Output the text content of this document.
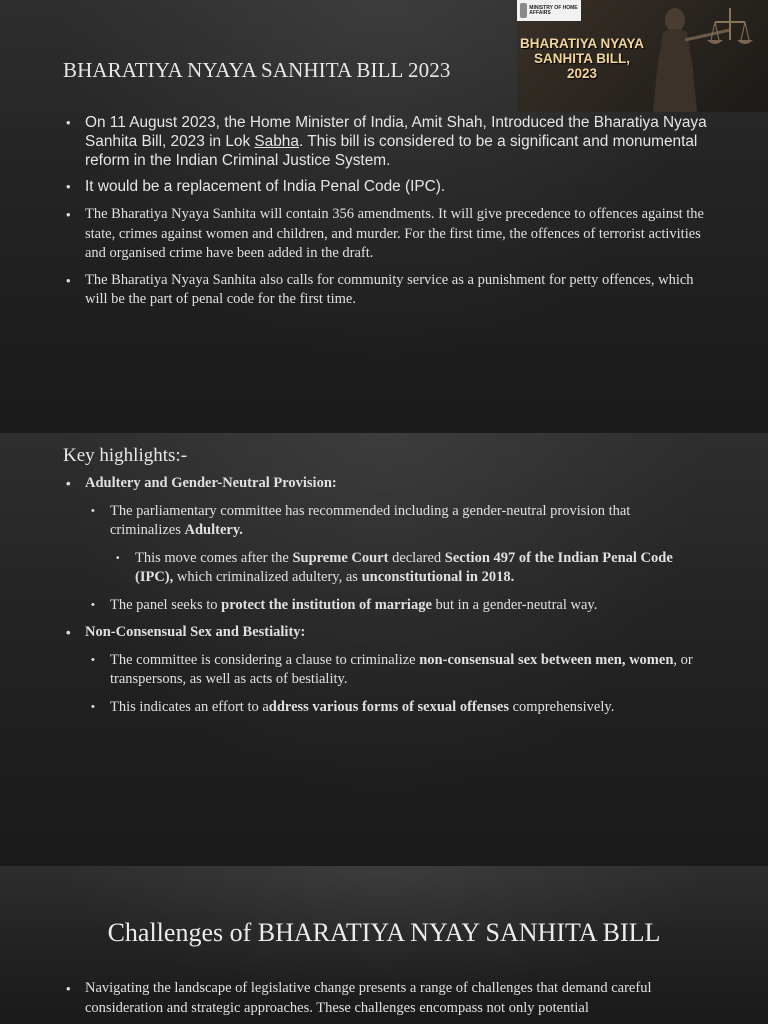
BHARATIYA NYAYA SANHITA BILL 2023
MINISTRY OF HOME AFFAIRS
BHARATIYA NYAYA
SANHITA BILL,
2023
• On 11 August 2023, the Home Minister of India, Amit Shah, Introduced the Bharatiya Nyaya Sanhita Bill, 2023 in Lok Sabha. This bill is considered to be a significant and monumental reform in the Indian Criminal Justice System.
• It would be a replacement of India Penal Code (IPC).
• The Bharatiya Nyaya Sanhita will contain 356 amendments. It will give precedence to offences against the state, crimes against women and children, and murder. For the first time, the offences of terrorist activities and organised crime have been added in the draft.
• The Bharatiya Nyaya Sanhita also calls for community service as a punishment for petty offences, which will be the part of penal code for the first time.
Key highlights:-
• Adultery and Gender-Neutral Provision:
• The parliamentary committee has recommended including a gender-neutral provision that criminalizes Adultery.
• This move comes after the Supreme Court declared Section 497 of the Indian Penal Code (IPC), which criminalized adultery, as unconstitutional in 2018.
• The panel seeks to protect the institution of marriage but in a gender-neutral way.
• Non-Consensual Sex and Bestiality:
• The committee is considering a clause to criminalize non-consensual sex between men, women, or transpersons, as well as acts of bestiality.
• This indicates an effort to address various forms of sexual offenses comprehensively.
Challenges of BHARATIYA NYAY SANHITA BILL
• Navigating the landscape of legislative change presents a range of challenges that demand careful consideration and strategic approaches. These challenges encompass not only potential
